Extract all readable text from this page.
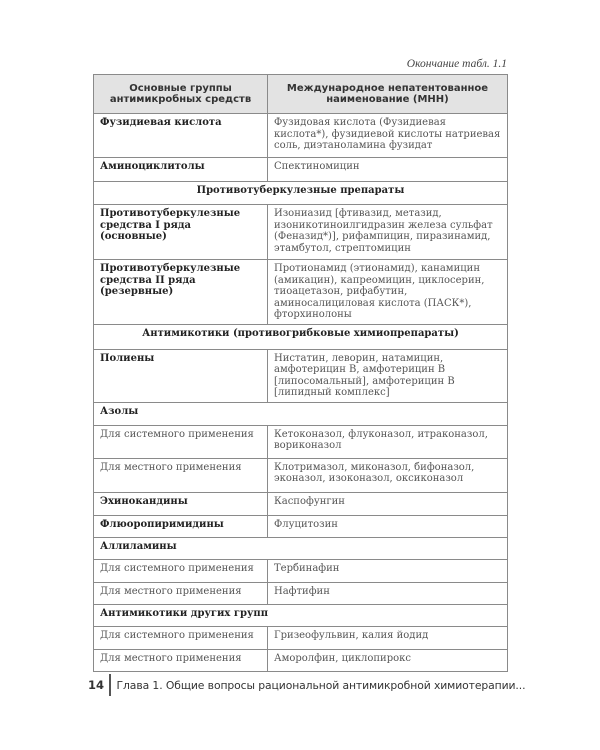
Окончание табл. 1.1
Основные группы антимикробных средств	Международное непатентованное наименование (МНН)
Фузидиевая кислота	Фузидовая кислота (Фузидиевая кислота*), фузидиевой кислоты натриевая соль, диэтаноламина фузидат
Аминоциклитолы	Спектиномицин
Противотуберкулезные препараты	
Противотуберкулезные средства I ряда (основные)	Изониазид [фтивазид, метазид, изоникотиноилгидразин железа сульфат (Феназид*)], рифампицин, пиразинамид, этамбутол, стрептомицин
Противотуберкулезные средства II ряда (резервные)	Протионамид (этионамид), канамицин (амикацин), капреомицин, циклосерин, тиоацетазон, рифабутин, аминосалициловая кислота (ПАСК*), фторхинолоны
Антимикотики (противогрибковые химиопрепараты)	
Полиены	Нистатин, леворин, натамицин, амфотерицин B, амфотерицин B [липосомальный], амфотерицин B [липидный комплекс]
Азолы	
Для системного применения	Кетоконазол, флуконазол, итраконазол, вориконазол
Для местного применения	Клотримазол, миконазол, бифоназол, эконазол, изоконазол, оксиконазол
Эхинокандины	Каспофунгин
Флюоропиримидины	Флуцитозин
Аллиламины	
Для системного применения	Тербинафин
Для местного применения	Нафтифин
Антимикотики других групп	
Для системного применения	Гризеофульвин, калия йодид
Для местного применения	Аморолфин, циклопирокс
14 Глава 1. Общие вопросы рациональной антимикробной химиотерапии...
